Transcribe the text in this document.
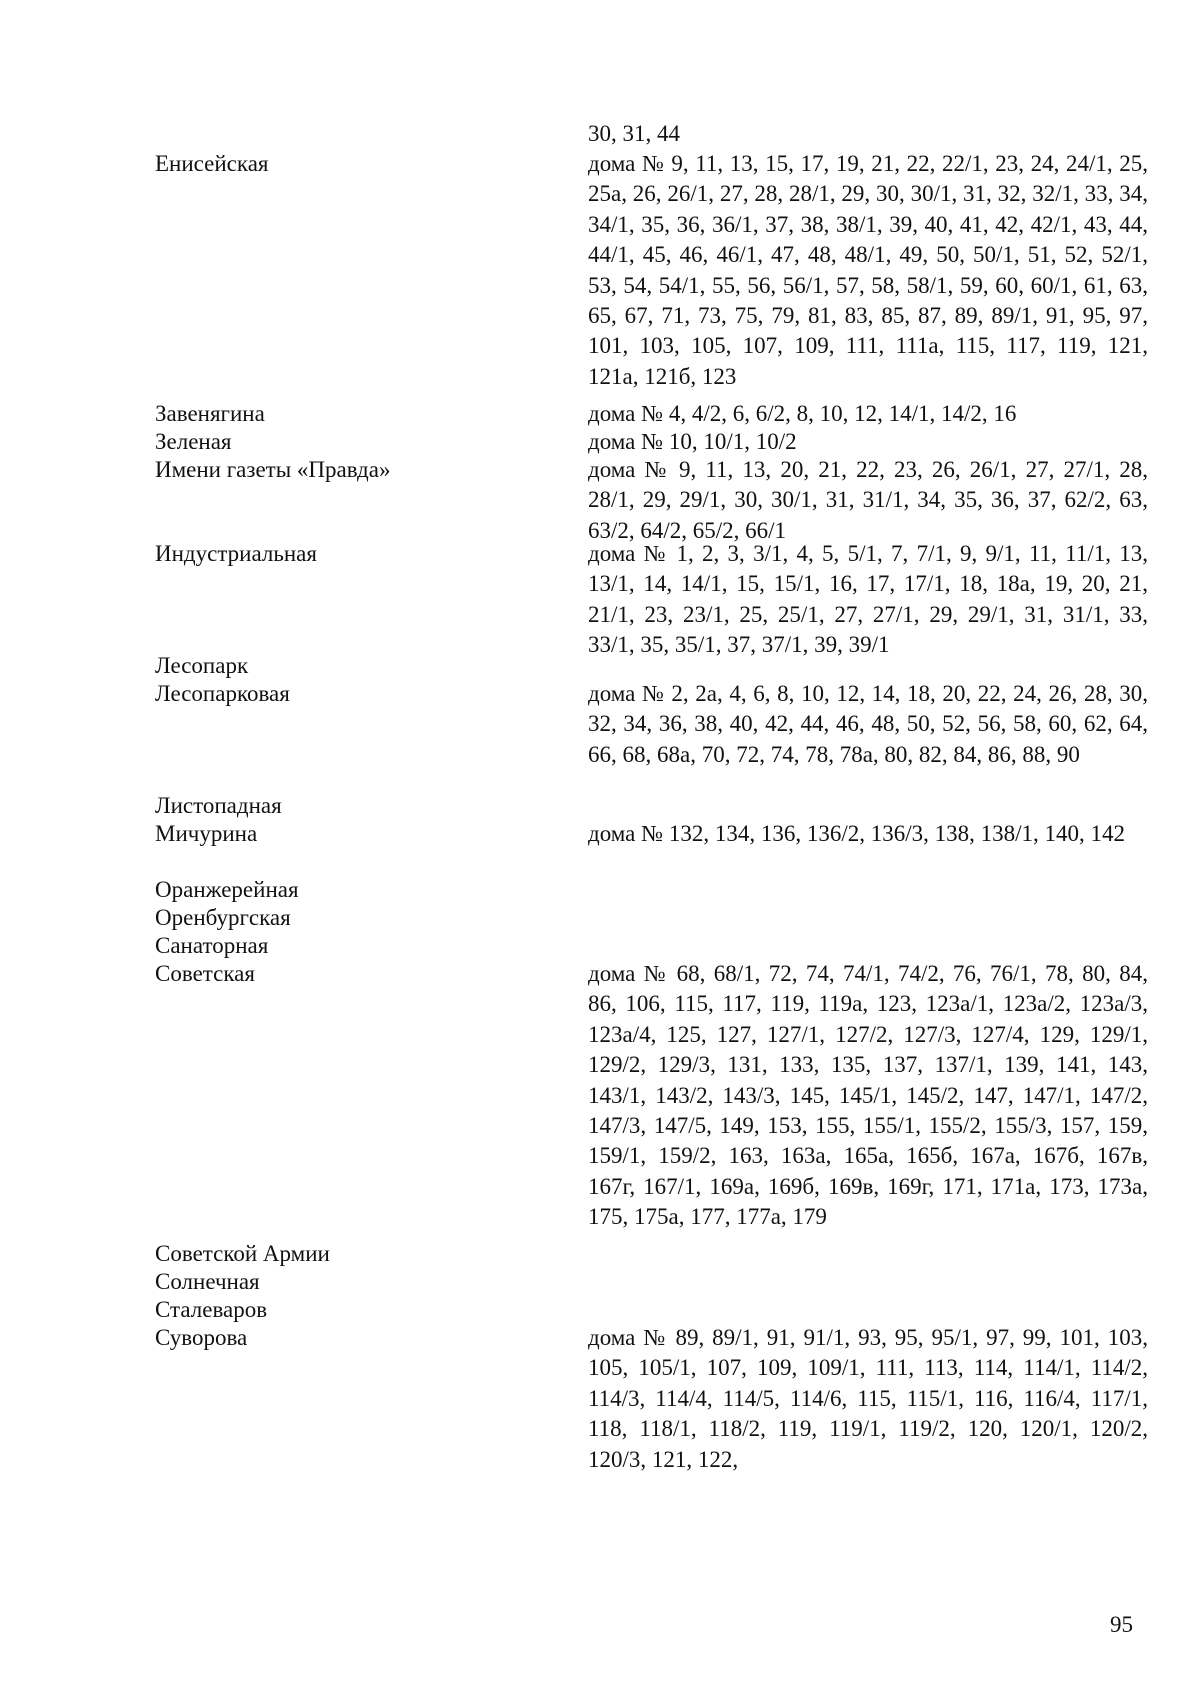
30, 31, 44
Енисейская	дома № 9, 11, 13, 15, 17, 19, 21, 22, 22/1, 23, 24, 24/1, 25, 25а, 26, 26/1, 27, 28, 28/1, 29, 30, 30/1, 31, 32, 32/1, 33, 34, 34/1, 35, 36, 36/1, 37, 38, 38/1, 39, 40, 41, 42, 42/1, 43, 44, 44/1, 45, 46, 46/1, 47, 48, 48/1, 49, 50, 50/1, 51, 52, 52/1, 53, 54, 54/1, 55, 56, 56/1, 57, 58, 58/1, 59, 60, 60/1, 61, 63, 65, 67, 71, 73, 75, 79, 81, 83, 85, 87, 89, 89/1, 91, 95, 97, 101, 103, 105, 107, 109, 111, 111а, 115, 117, 119, 121, 121а, 121б, 123
Завенягина	дома № 4, 4/2, 6, 6/2, 8, 10, 12, 14/1, 14/2, 16
Зеленая	дома № 10, 10/1, 10/2
Имени газеты «Правда»	дома № 9, 11, 13, 20, 21, 22, 23, 26, 26/1, 27, 27/1, 28, 28/1, 29, 29/1, 30, 30/1, 31, 31/1, 34, 35, 36, 37, 62/2, 63, 63/2, 64/2, 65/2, 66/1
Индустриальная	дома № 1, 2, 3, 3/1, 4, 5, 5/1, 7, 7/1, 9, 9/1, 11, 11/1, 13, 13/1, 14, 14/1, 15, 15/1, 16, 17, 17/1, 18, 18а, 19, 20, 21, 21/1, 23, 23/1, 25, 25/1, 27, 27/1, 29, 29/1, 31, 31/1, 33, 33/1, 35, 35/1, 37, 37/1, 39, 39/1
Лесопарк
Лесопарковая	дома № 2, 2а, 4, 6, 8, 10, 12, 14, 18, 20, 22, 24, 26, 28, 30, 32, 34, 36, 38, 40, 42, 44, 46, 48, 50, 52, 56, 58, 60, 62, 64, 66, 68, 68а, 70, 72, 74, 78, 78а, 80, 82, 84, 86, 88, 90
Листопадная
Мичурина	дома № 132, 134, 136, 136/2, 136/3, 138, 138/1, 140, 142
Оранжерейная
Оренбургская
Санаторная
Советская	дома № 68, 68/1, 72, 74, 74/1, 74/2, 76, 76/1, 78, 80, 84, 86, 106, 115, 117, 119, 119а, 123, 123а/1, 123а/2, 123а/3, 123а/4, 125, 127, 127/1, 127/2, 127/3, 127/4, 129, 129/1, 129/2, 129/3, 131, 133, 135, 137, 137/1, 139, 141, 143, 143/1, 143/2, 143/3, 145, 145/1, 145/2, 147, 147/1, 147/2, 147/3, 147/5, 149, 153, 155, 155/1, 155/2, 155/3, 157, 159, 159/1, 159/2, 163, 163а, 165а, 165б, 167а, 167б, 167в, 167г, 167/1, 169а, 169б, 169в, 169г, 171, 171а, 173, 173а, 175, 175а, 177, 177а, 179
Советской Армии
Солнечная
Сталеваров
Суворова	дома № 89, 89/1, 91, 91/1, 93, 95, 95/1, 97, 99, 101, 103, 105, 105/1, 107, 109, 109/1, 111, 113, 114, 114/1, 114/2, 114/3, 114/4, 114/5, 114/6, 115, 115/1, 116, 116/4, 117/1, 118, 118/1, 118/2, 119, 119/1, 119/2, 120, 120/1, 120/2, 120/3, 121, 122,
95
